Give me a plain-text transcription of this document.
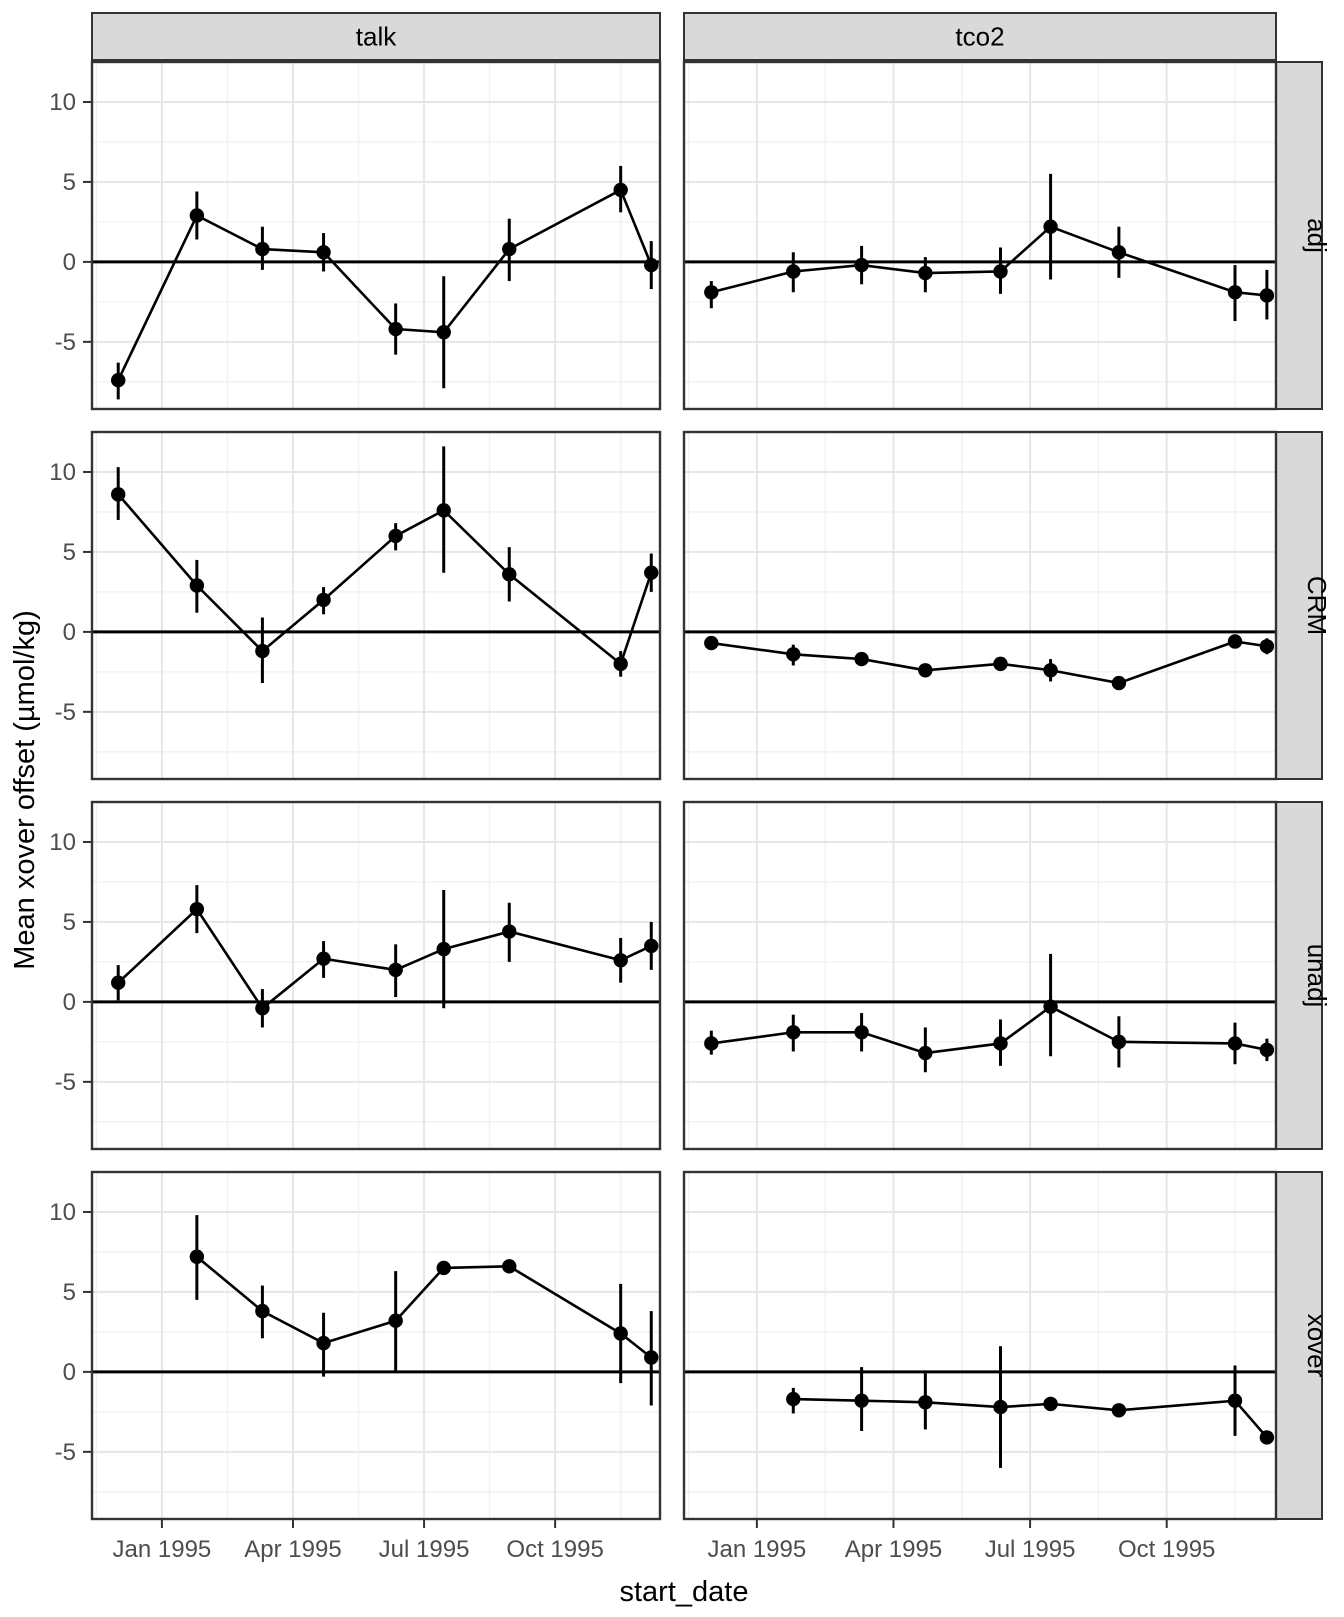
talk	tco2
adj
CRM
unadj
xover
10
5
0
-5
10
5
0
-5
10
5
0
-5
10
5
0
-5
Jan 1995 Apr 1995 Jul 1995 Oct 1995	Jan 1995 Apr 1995 Jul 1995 Oct 1995
start_date
Mean xover offset (µmol/kg)
